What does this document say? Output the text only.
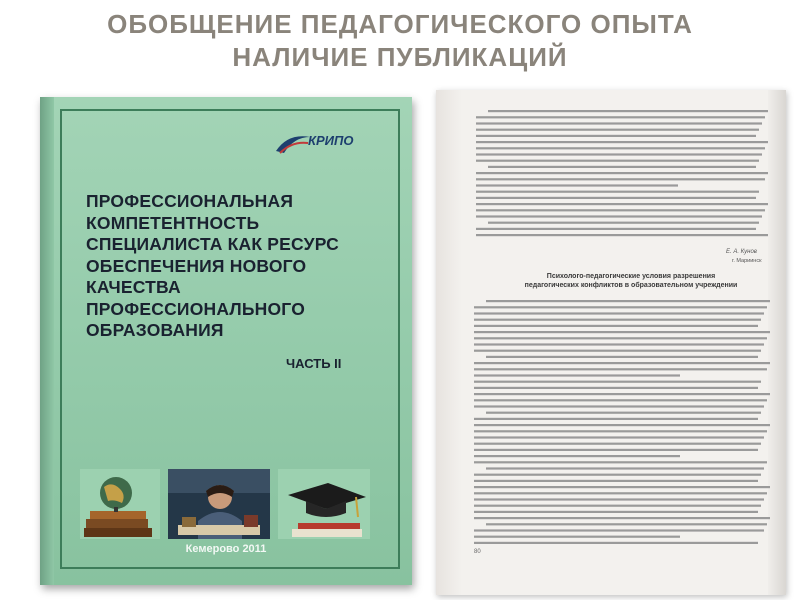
ОБОБЩЕНИЕ ПЕДАГОГИЧЕСКОГО ОПЫТА
НАЛИЧИЕ ПУБЛИКАЦИЙ
КРИПО
ПРОФЕССИОНАЛЬНАЯ
КОМПЕТЕНТНОСТЬ
СПЕЦИАЛИСТА КАК РЕСУРС
ОБЕСПЕЧЕНИЯ НОВОГО
КАЧЕСТВА
ПРОФЕССИОНАЛЬНОГО
ОБРАЗОВАНИЯ
ЧАСТЬ II
Кемерово 2011
Е. А. Кунов
г. Мариинск
Психолого-педагогические условия разрешения
педагогических конфликтов в образовательном учреждении
80
